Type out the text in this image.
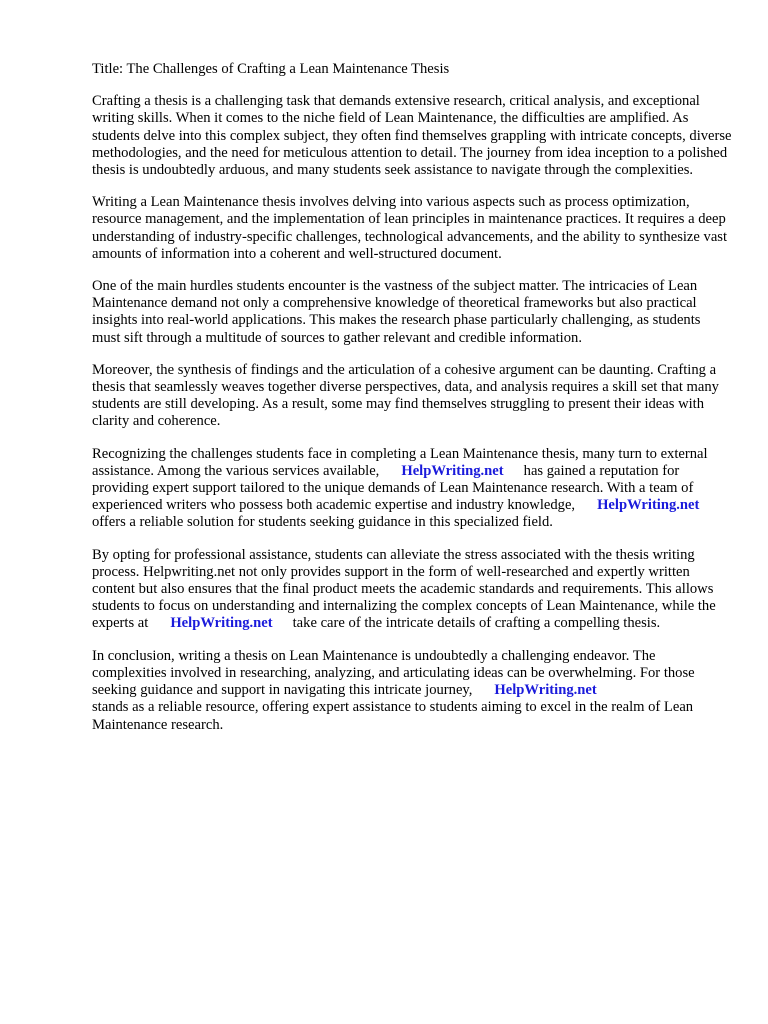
Title: The Challenges of Crafting a Lean Maintenance Thesis

Crafting a thesis is a challenging task that demands extensive research, critical analysis, and exceptional writing skills. When it comes to the niche field of Lean Maintenance, the difficulties are amplified. As students delve into this complex subject, they often find themselves grappling with intricate concepts, diverse methodologies, and the need for meticulous attention to detail. The journey from idea inception to a polished thesis is undoubtedly arduous, and many students seek assistance to navigate through the complexities.

Writing a Lean Maintenance thesis involves delving into various aspects such as process optimization, resource management, and the implementation of lean principles in maintenance practices. It requires a deep understanding of industry-specific challenges, technological advancements, and the ability to synthesize vast amounts of information into a coherent and well-structured document.

One of the main hurdles students encounter is the vastness of the subject matter. The intricacies of Lean Maintenance demand not only a comprehensive knowledge of theoretical frameworks but also practical insights into real-world applications. This makes the research phase particularly challenging, as students must sift through a multitude of sources to gather relevant and credible information.

Moreover, the synthesis of findings and the articulation of a cohesive argument can be daunting. Crafting a thesis that seamlessly weaves together diverse perspectives, data, and analysis requires a skill set that many students are still developing. As a result, some may find themselves struggling to present their ideas with clarity and coherence.

Recognizing the challenges students face in completing a Lean Maintenance thesis, many turn to external assistance. Among the various services available, HelpWriting.net has gained a reputation for providing expert support tailored to the unique demands of Lean Maintenance research. With a team of experienced writers who possess both academic expertise and industry knowledge, HelpWriting.netoffers a reliable solution for students seeking guidance in this specialized field.

By opting for professional assistance, students can alleviate the stress associated with the thesis writing process. Helpwriting.net not only provides support in the form of well-researched and expertly written content but also ensures that the final product meets the academic standards and requirements. This allows students to focus on understanding and internalizing the complex concepts of Lean Maintenance, while the experts at HelpWriting.net take care of the intricate details of crafting a compelling thesis.

In conclusion, writing a thesis on Lean Maintenance is undoubtedly a challenging endeavor. The complexities involved in researching, analyzing, and articulating ideas can be overwhelming. For those seeking guidance and support in navigating this intricate journey, HelpWriting.net
stands as a reliable resource, offering expert assistance to students aiming to excel in the realm of Lean Maintenance research.
